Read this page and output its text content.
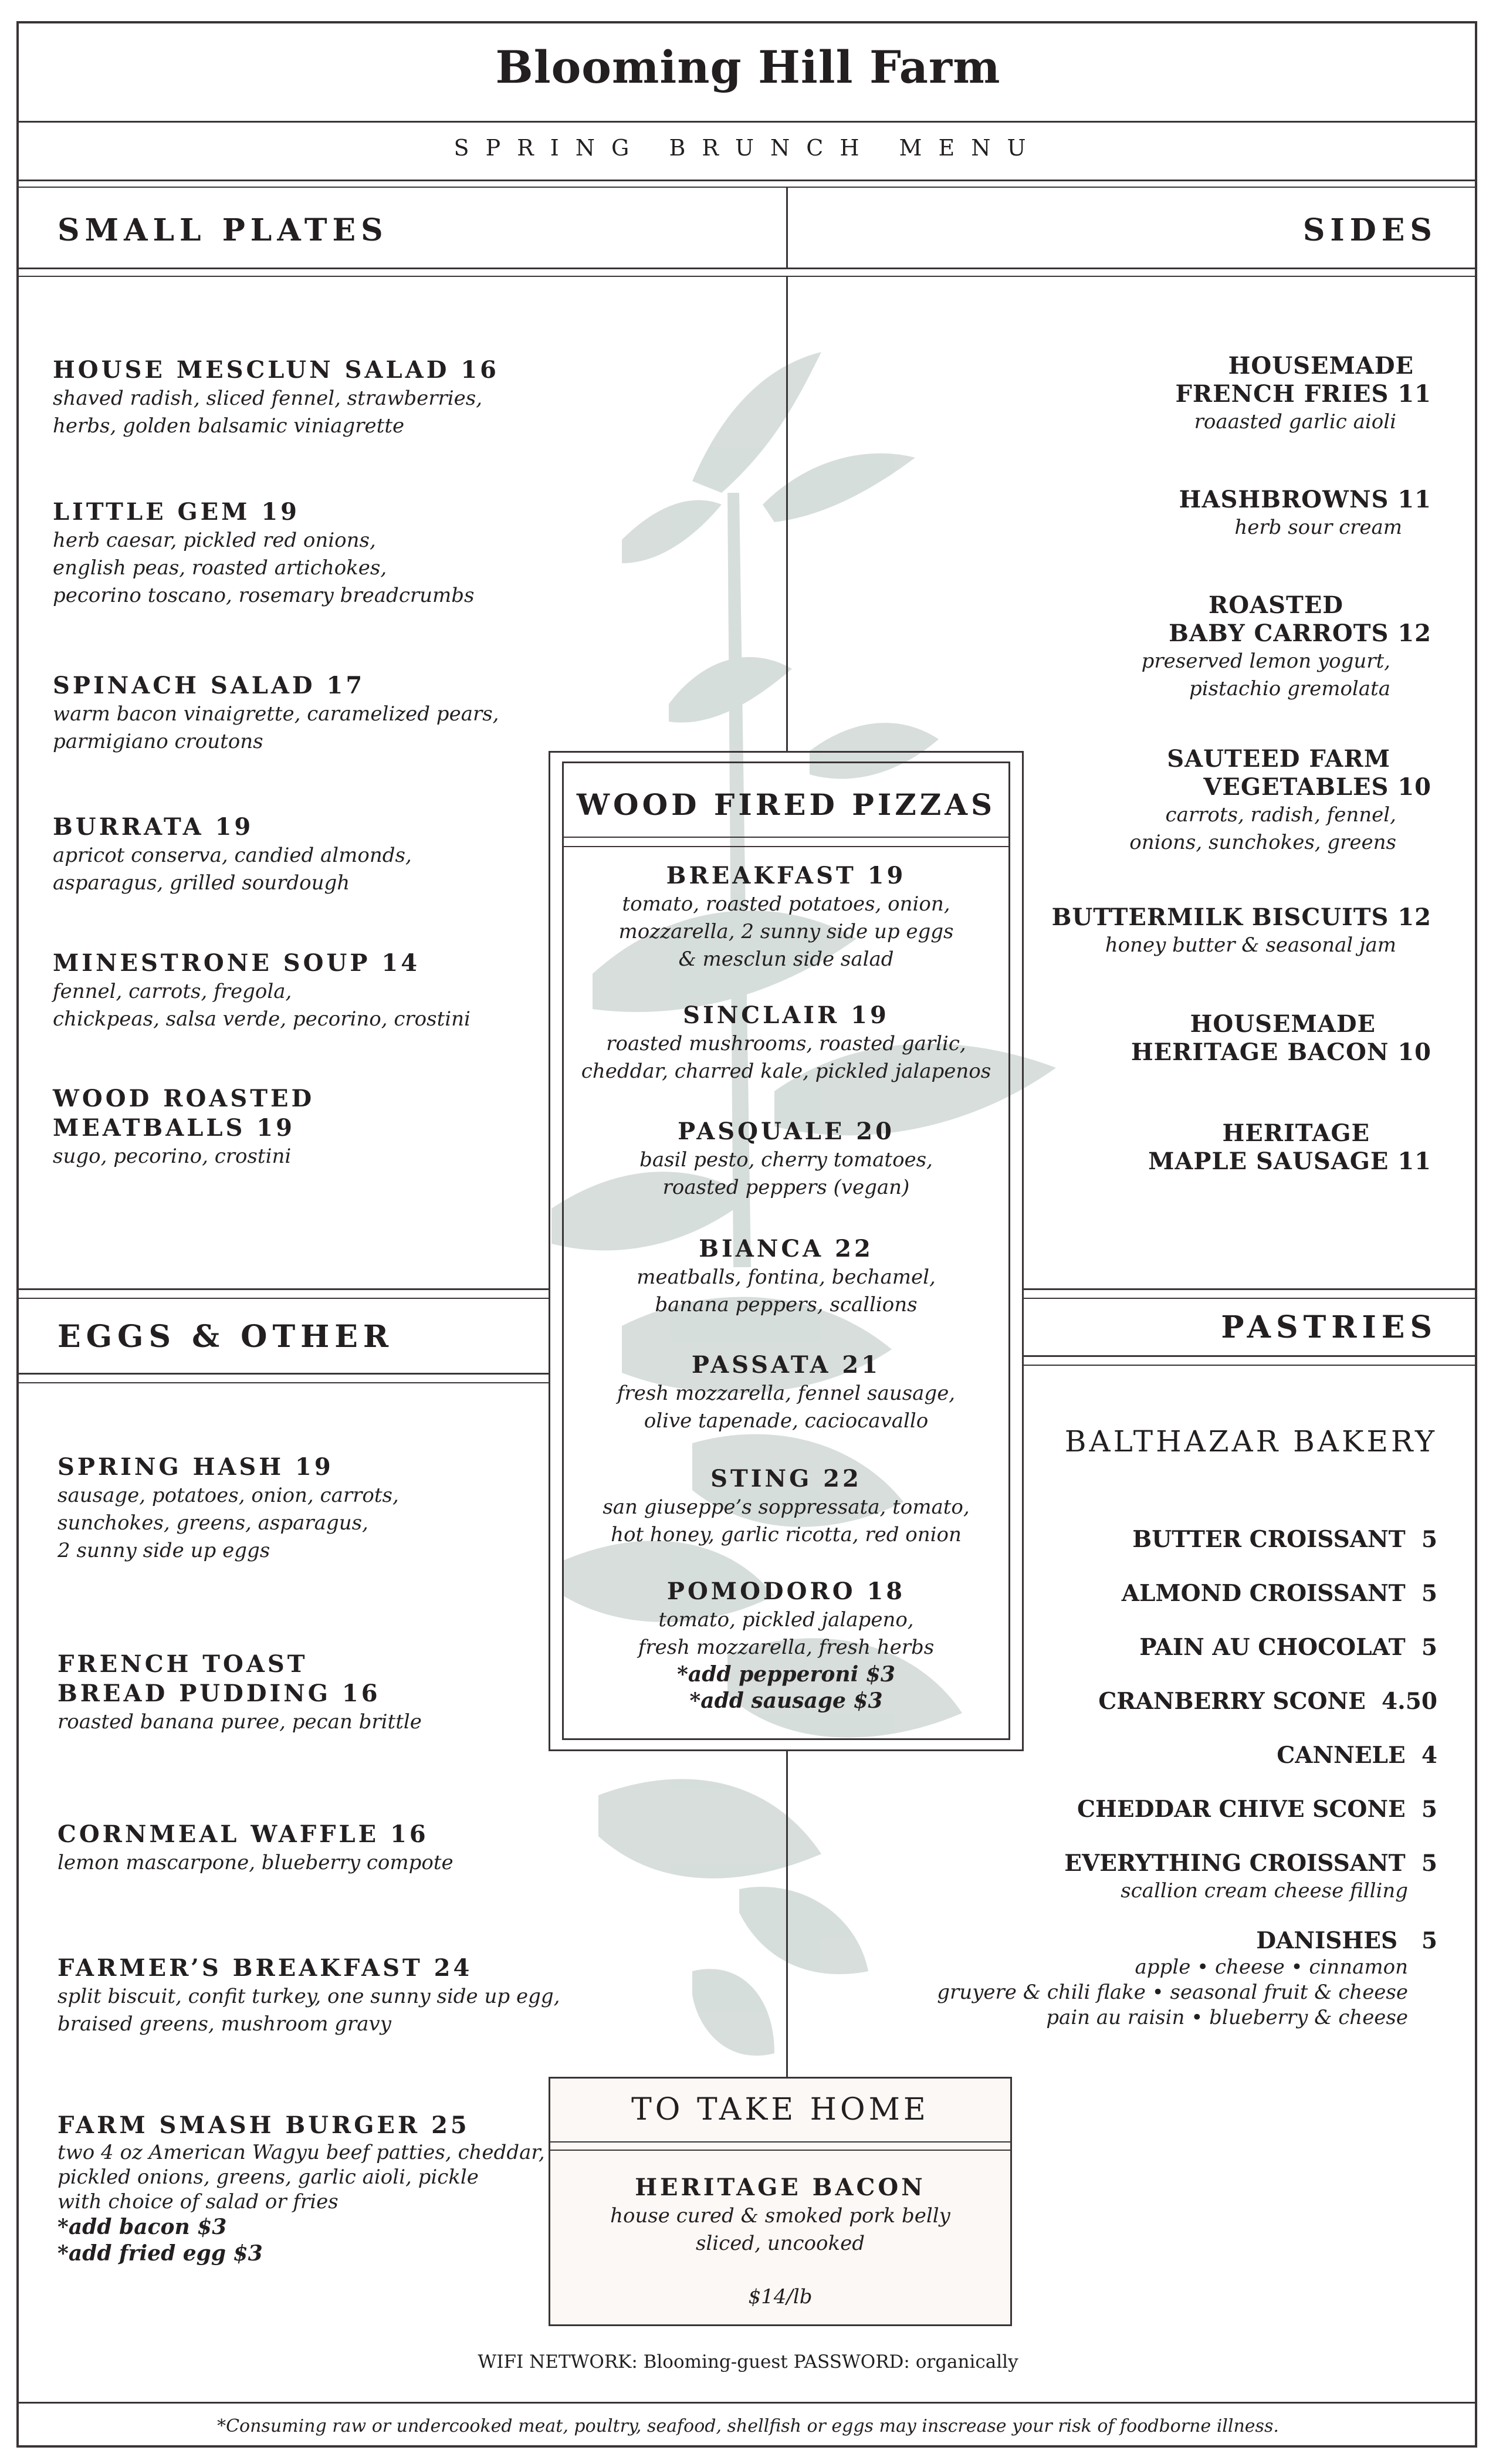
Blooming Hill Farm
SPRING BRUNCH MENU
SMALL PLATES	SIDES
HOUSE MESCLUN SALAD 16
shaved radish, sliced fennel, strawberries,
herbs, golden balsamic viniagrette
LITTLE GEM 19
herb caesar, pickled red onions,
english peas, roasted artichokes,
pecorino toscano, rosemary breadcrumbs
SPINACH SALAD 17
warm bacon vinaigrette, caramelized pears,
parmigiano croutons
BURRATA 19
apricot conserva, candied almonds,
asparagus, grilled sourdough
MINESTRONE SOUP 14
fennel, carrots, fregola,
chickpeas, salsa verde, pecorino, crostini
WOOD ROASTED
MEATBALLS 19
sugo, pecorino, crostini
HOUSEMADE
FRENCH FRIES 11
roaasted garlic aioli
HASHBROWNS 11
herb sour cream
ROASTED
BABY CARROTS 12
preserved lemon yogurt,
pistachio gremolata
SAUTEED FARM
VEGETABLES 10
carrots, radish, fennel,
onions, sunchokes, greens
BUTTERMILK BISCUITS 12
honey butter & seasonal jam
HOUSEMADE
HERITAGE BACON 10
HERITAGE
MAPLE SAUSAGE 11
WOOD FIRED PIZZAS
BREAKFAST 19
tomato, roasted potatoes, onion,
mozzarella, 2 sunny side up eggs
& mesclun side salad
SINCLAIR 19
roasted mushrooms, roasted garlic,
cheddar, charred kale, pickled jalapenos
PASQUALE 20
basil pesto, cherry tomatoes,
roasted peppers (vegan)
BIANCA 22
meatballs, fontina, bechamel,
banana peppers, scallions
PASSATA 21
fresh mozzarella, fennel sausage,
olive tapenade, caciocavallo
STING 22
san giuseppe’s soppressata, tomato,
hot honey, garlic ricotta, red onion
POMODORO 18
tomato, pickled jalapeno,
fresh mozzarella, fresh herbs
*add pepperoni $3
*add sausage $3
EGGS & OTHER	PASTRIES
SPRING HASH 19
sausage, potatoes, onion, carrots,
sunchokes, greens, asparagus,
2 sunny side up eggs
FRENCH TOAST
BREAD PUDDING 16
roasted banana puree, pecan brittle
CORNMEAL WAFFLE 16
lemon mascarpone, blueberry compote
FARMER’S BREAKFAST 24
split biscuit, confit turkey, one sunny side up egg,
braised greens, mushroom gravy
FARM SMASH BURGER 25
two 4 oz American Wagyu beef patties, cheddar,
pickled onions, greens, garlic aioli, pickle
with choice of salad or fries
*add bacon $3
*add fried egg $3
BALTHAZAR BAKERY
BUTTER CROISSANT 5
ALMOND CROISSANT 5
PAIN AU CHOCOLAT 5
CRANBERRY SCONE 4.50
CANNELE 4
CHEDDAR CHIVE SCONE 5
EVERYTHING CROISSANT 5
scallion cream cheese filling
DANISHES 5
apple • cheese • cinnamon
gruyere & chili flake • seasonal fruit & cheese
pain au raisin • blueberry & cheese
TO TAKE HOME
HERITAGE BACON
house cured & smoked pork belly
sliced, uncooked
$14/lb
WIFI NETWORK: Blooming-guest PASSWORD: organically
*Consuming raw or undercooked meat, poultry, seafood, shellfish or eggs may inscrease your risk of foodborne illness.
